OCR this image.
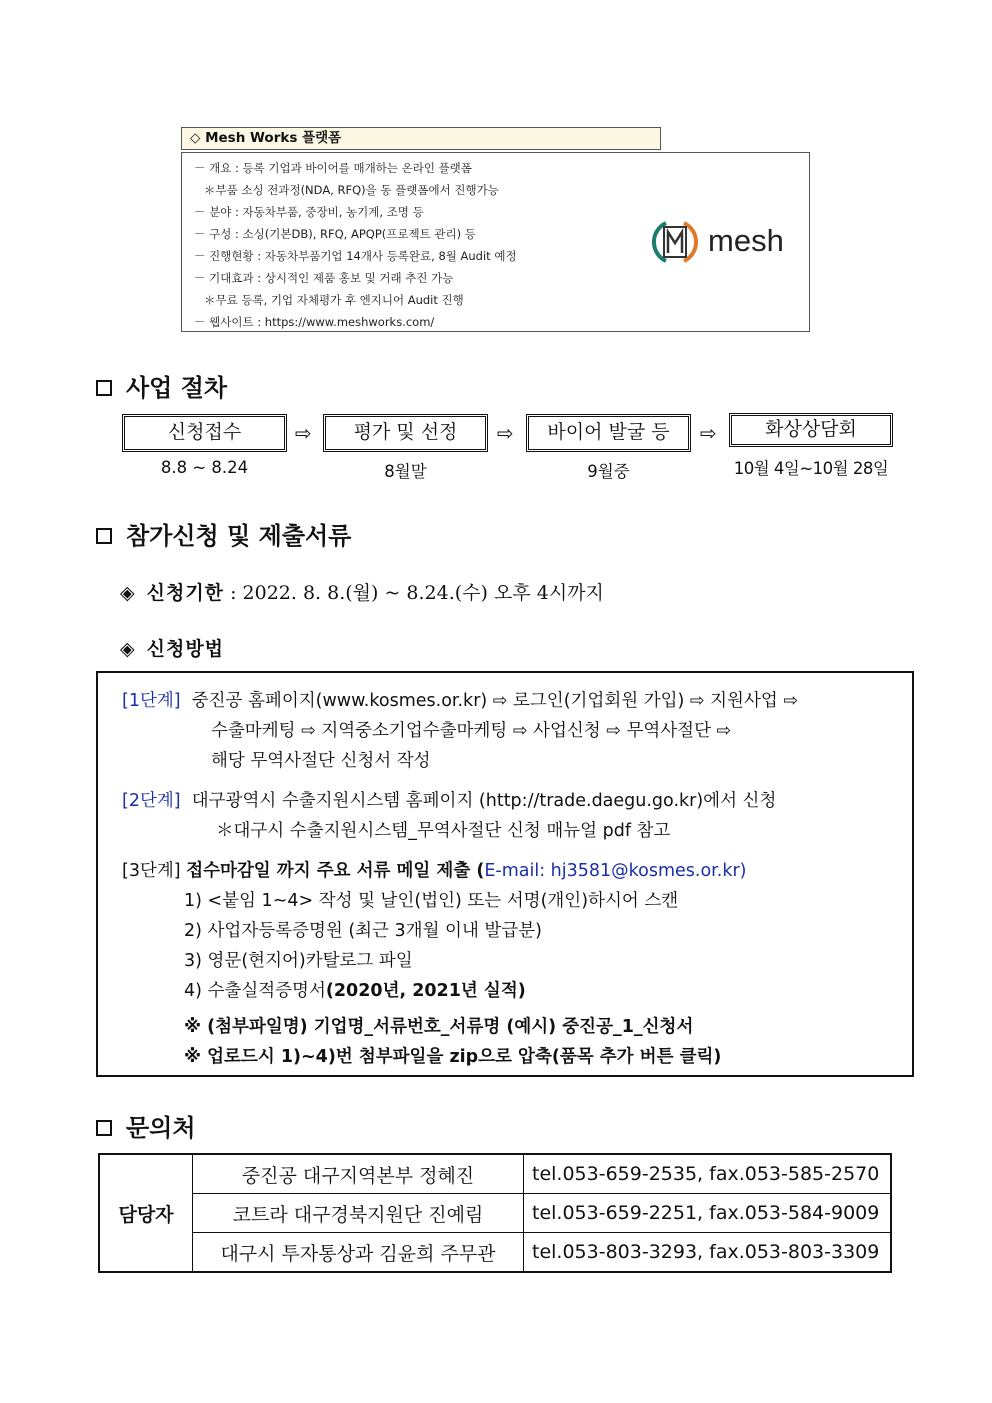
◇ Mesh Works 플랫폼
－ 개요 : 등록 기업과 바이어를 매개하는 온라인 플랫폼
＊부품 소싱 전과정(NDA, RFQ)을 동 플랫폼에서 진행가능
－ 분야 : 자동차부품, 중장비, 농기계, 조명 등
－ 구성 : 소싱(기본DB), RFQ, APQP(프로젝트 관리) 등
－ 진행현황 : 자동차부품기업 14개사 등록완료, 8월 Audit 예정
－ 기대효과 : 상시적인 제품 홍보 및 거래 추진 가능
＊무료 등록, 기업 자체평가 후 엔지니어 Audit 진행
－ 웹사이트 : https://www.meshworks.com/
mesh
사업 절차
신청접수	⇨	평가 및 선정	⇨	바이어 발굴 등	⇨	화상상담회
8.8 ~ 8.24	8월말	9월중	10월 4일~10월 28일
참가신청 및 제출서류
◈ 신청기한 : 2022. 8. 8.(월) ~ 8.24.(수) 오후 4시까지
◈ 신청방법
[1단계] 중진공 홈페이지(www.kosmes.or.kr) ⇨ 로그인(기업회원 가입) ⇨ 지원사업 ⇨
수출마케팅 ⇨ 지역중소기업수출마케팅 ⇨ 사업신청 ⇨ 무역사절단 ⇨
해당 무역사절단 신청서 작성
[2단계] 대구광역시 수출지원시스템 홈페이지 (http://trade.daegu.go.kr)에서 신청
＊대구시 수출지원시스템_무역사절단 신청 매뉴얼 pdf 참고
[3단계] 접수마감일 까지 주요 서류 메일 제출 (E-mail: hj3581@kosmes.or.kr)
1) <붙임 1~4> 작성 및 날인(법인) 또는 서명(개인)하시어 스캔
2) 사업자등록증명원 (최근 3개월 이내 발급분)
3) 영문(현지어)카탈로그 파일
4) 수출실적증명서(2020년, 2021년 실적)
※ (첨부파일명) 기업명_서류번호_서류명 (예시) 중진공_1_신청서
※ 업로드시 1)~4)번 첨부파일을 zip으로 압축(품목 추가 버튼 클릭)
문의처
담당자	중진공 대구지역본부 정혜진	tel.053-659-2535, fax.053-585-2570
	코트라 대구경북지원단 진예림	tel.053-659-2251, fax.053-584-9009
	대구시 투자통상과 김윤희 주무관	tel.053-803-3293, fax.053-803-3309
